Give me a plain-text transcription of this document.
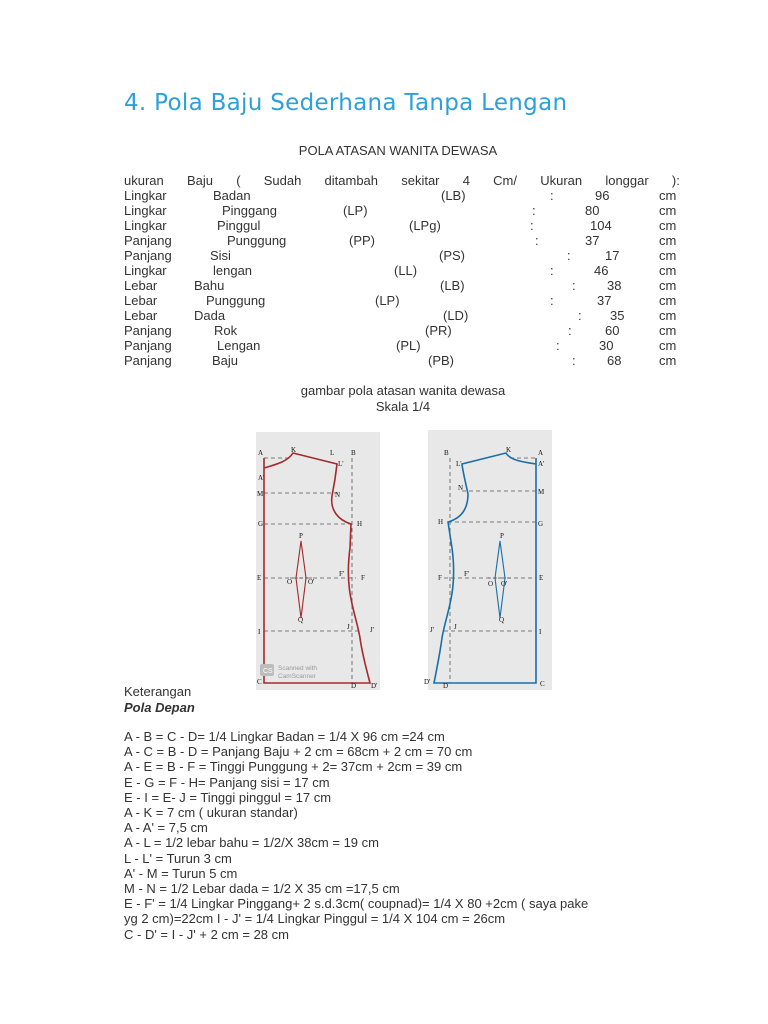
4. Pola Baju Sederhana Tanpa Lengan
POLA ATASAN WANITA DEWASA
ukuran Baju ( Sudah ditambah sekitar 4 Cm/ Ukuran longgar ):
Lingkar	Badan	(LB)	:	96	cm
Lingkar	Pinggang	(LP)	:	80	cm
Lingkar	Pinggul	(LPg)	:	104	cm
Panjang	Punggung	(PP)	:	37	cm
Panjang	Sisi	(PS)	:	17	cm
Lingkar	lengan	(LL)	:	46	cm
Lebar	Bahu	(LB)	: 38	cm
Lebar	Punggung	(LP)	:	37	cm
Lebar	Dada	(LD)	: 35	cm
Panjang	Rok	(PR)	:	60	cm
Panjang	Lengan	(PL)	:	30	cm
Panjang	Baju	(PB)	: 68	cm
gambar pola atasan wanita dewasa
Skala 1/4
A	K	L B
L'
A'
M	N
G	H
P
E	O O'
F' F
Q
I
J	J'
C	D D'
CS Scanned with
CamScanner
B	K	A
L'	A'
N	M
H	G
P
F	F'
O O'
E
J'	J
Q
I
D' D	C
Keterangan
Pola Depan
A - B = C - D= 1/4 Lingkar Badan = 1/4 X 96 cm =24 cm
A - C = B - D = Panjang Baju + 2 cm = 68cm + 2 cm = 70 cm
A - E = B - F = Tinggi Punggung + 2= 37cm + 2cm = 39 cm
E - G = F - H= Panjang sisi = 17 cm
E - I = E- J = Tinggi pinggul = 17 cm
A - K = 7 cm ( ukuran standar)
A - A' = 7,5 cm
A - L = 1/2 lebar bahu = 1/2/X 38cm = 19 cm
L - L' = Turun 3 cm
A' - M = Turun 5 cm
M - N = 1/2 Lebar dada = 1/2 X 35 cm =17,5 cm
E - F' = 1/4 Lingkar Pinggang+ 2 s.d.3cm( coupnad)= 1/4 X 80 +2cm ( saya pake
yg 2 cm)=22cm I - J' = 1/4 Lingkar Pinggul = 1/4 X 104 cm = 26cm
C - D' = I - J' + 2 cm = 28 cm
